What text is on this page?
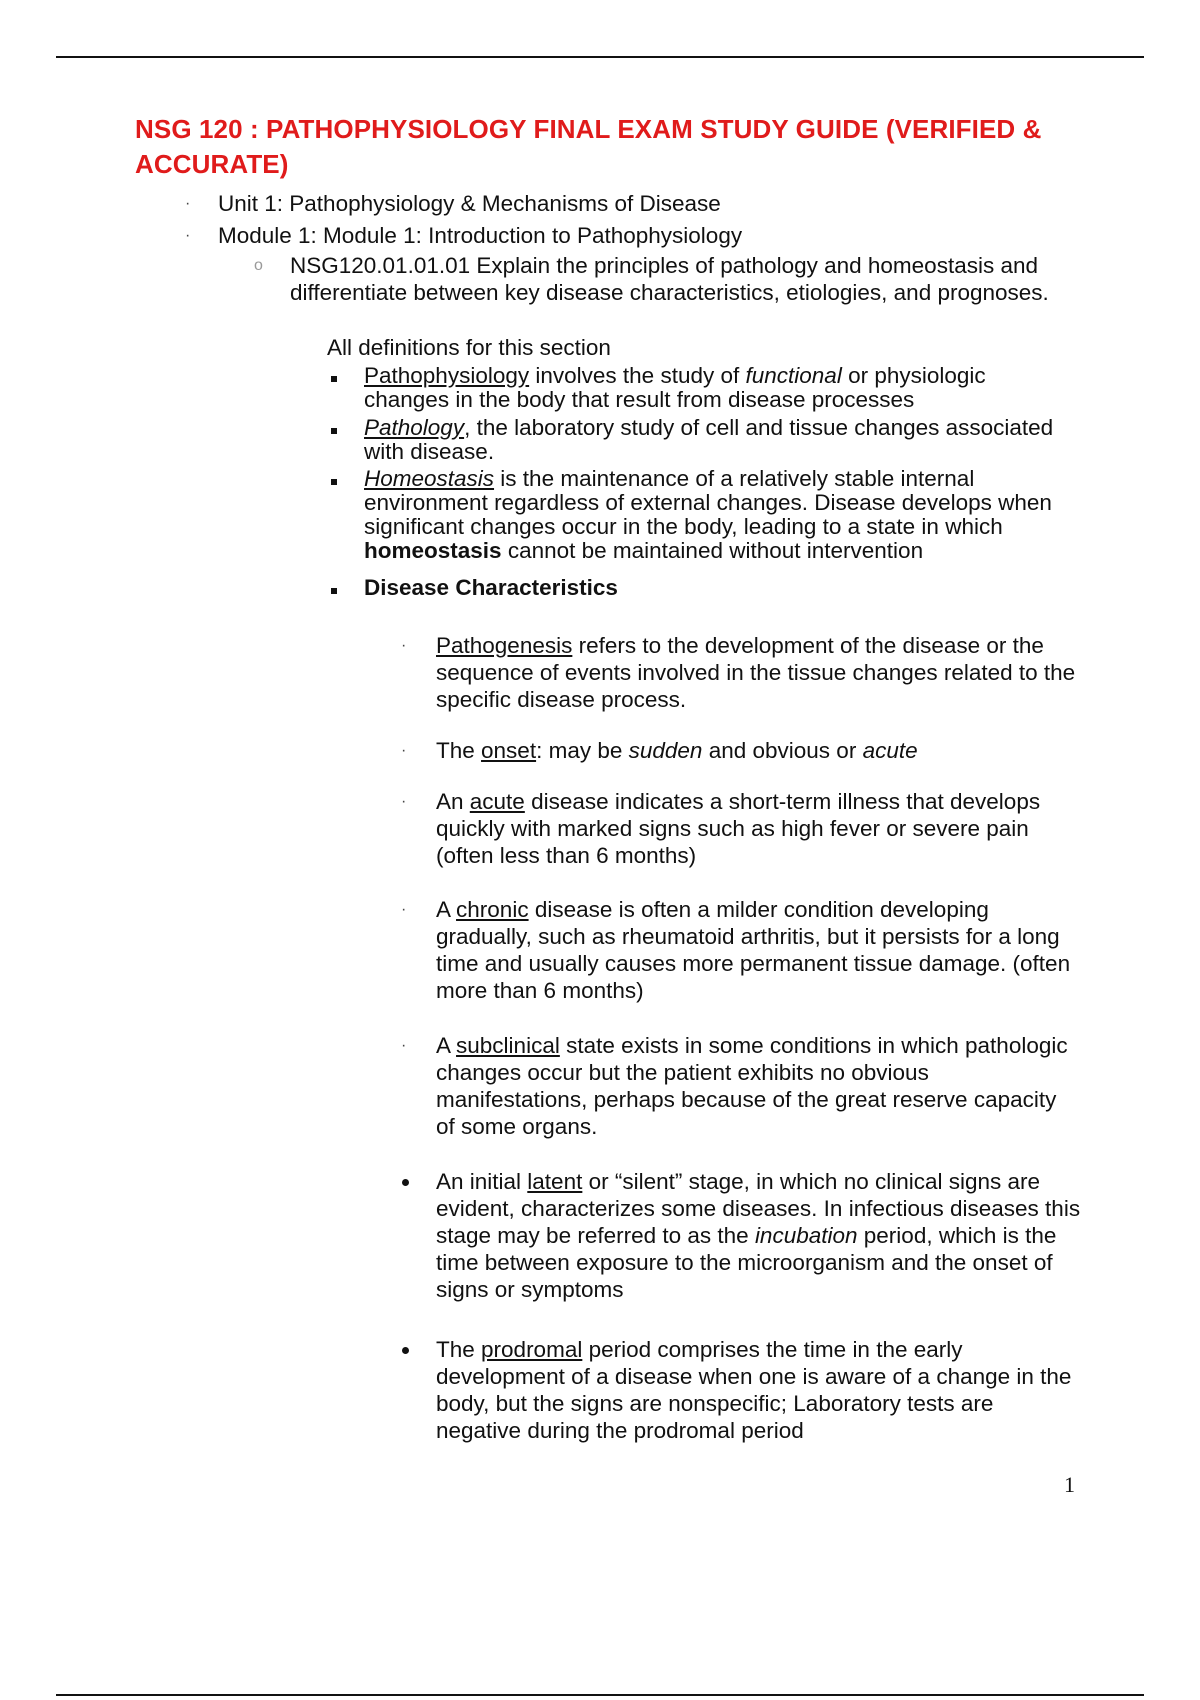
NSG 120 : PATHOPHYSIOLOGY FINAL EXAM STUDY GUIDE (VERIFIED & ACCURATE)
· Unit 1: Pathophysiology & Mechanisms of Disease
· Module 1: Module 1: Introduction to Pathophysiology
o NSG120.01.01.01 Explain the principles of pathology and homeostasis and differentiate between key disease characteristics, etiologies, and prognoses.
All definitions for this section
Pathophysiology involves the study of functional or physiologic changes in the body that result from disease processes
Pathology, the laboratory study of cell and tissue changes associated with disease.
Homeostasis is the maintenance of a relatively stable internal environment regardless of external changes. Disease develops when significant changes occur in the body, leading to a state in which homeostasis cannot be maintained without intervention
Disease Characteristics
· Pathogenesis refers to the development of the disease or the sequence of events involved in the tissue changes related to the specific disease process.
· The onset: may be sudden and obvious or acute
· An acute disease indicates a short-term illness that develops quickly with marked signs such as high fever or severe pain (often less than 6 months)
· A chronic disease is often a milder condition developing gradually, such as rheumatoid arthritis, but it persists for a long time and usually causes more permanent tissue damage. (often more than 6 months)
· A subclinical state exists in some conditions in which pathologic changes occur but the patient exhibits no obvious manifestations, perhaps because of the great reserve capacity of some organs.
An initial latent or “silent” stage, in which no clinical signs are evident, characterizes some diseases. In infectious diseases this stage may be referred to as the incubation period, which is the time between exposure to the microorganism and the onset of signs or symptoms
The prodromal period comprises the time in the early development of a disease when one is aware of a change in the body, but the signs are nonspecific; Laboratory tests are negative during the prodromal period
1
